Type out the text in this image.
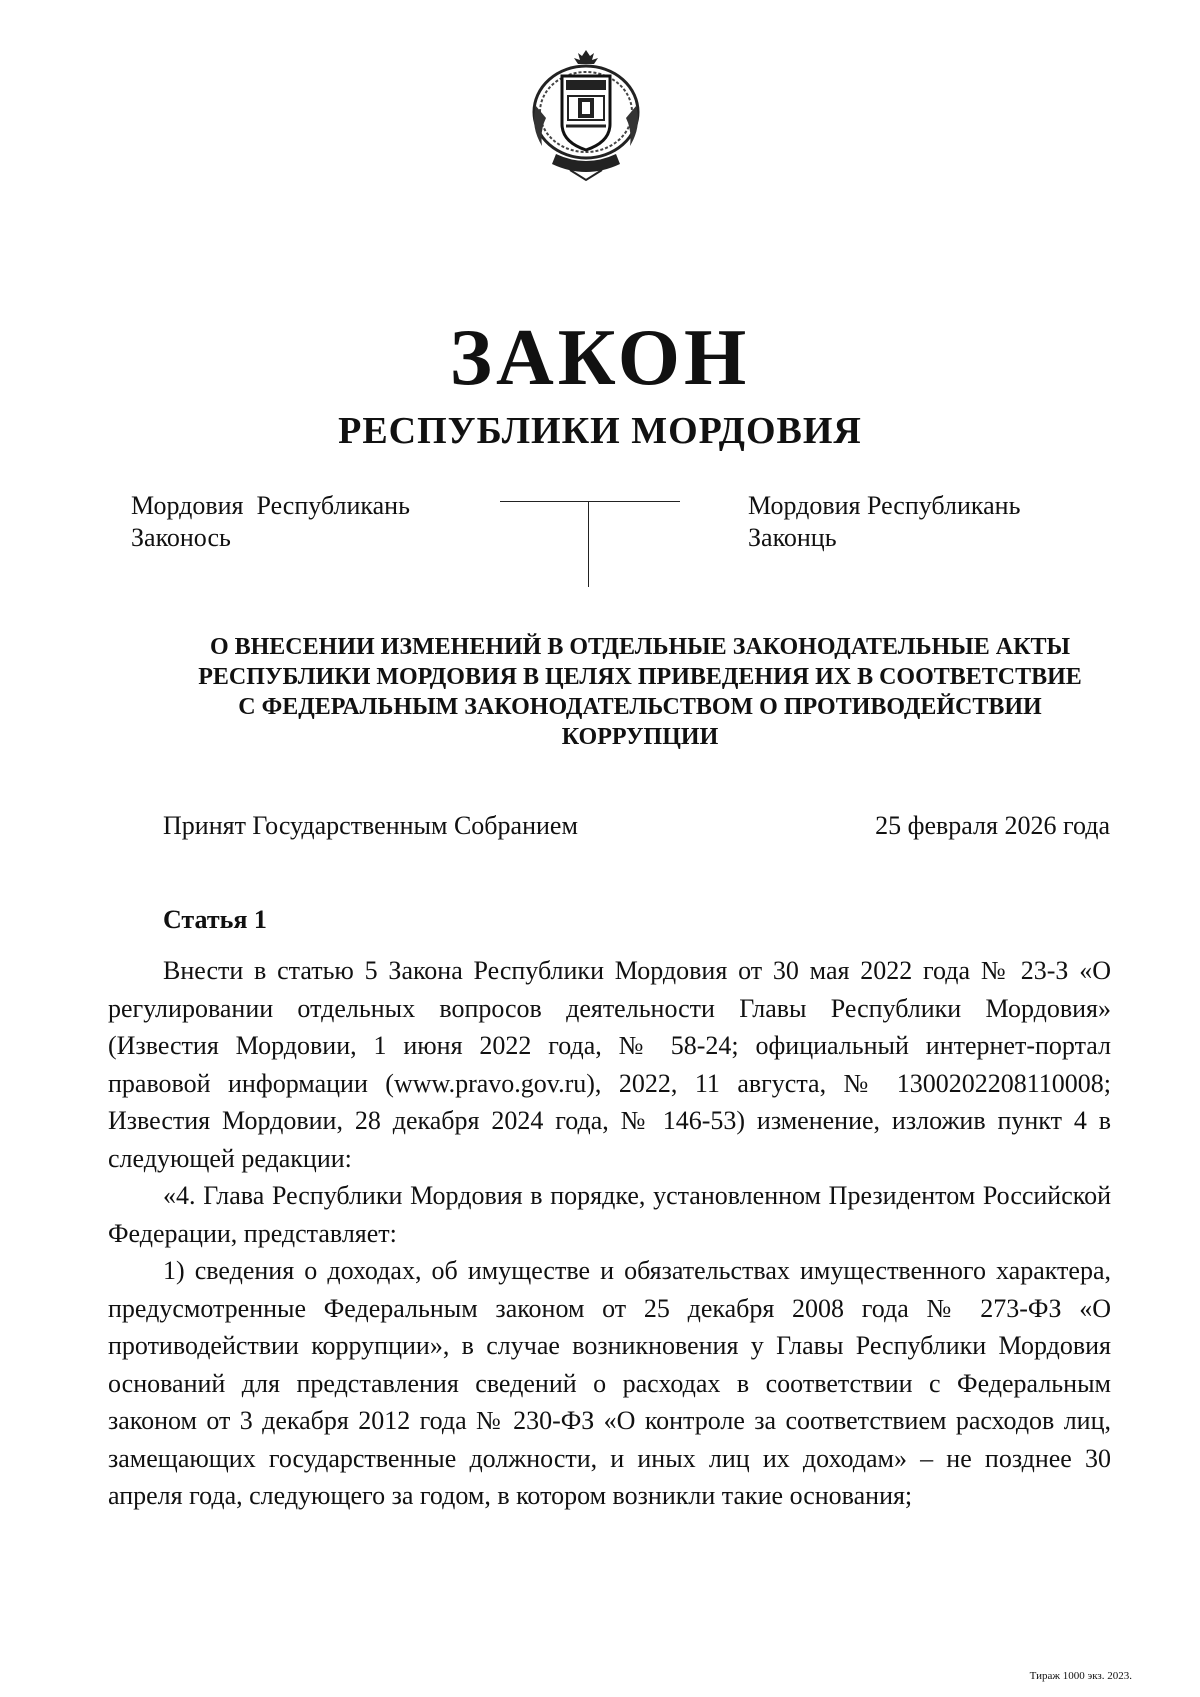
ЗАКОН
РЕСПУБЛИКИ МОРДОВИЯ
Мордовия  Республикань
Законось
Мордовия Республикань
Законць
О ВНЕСЕНИИ ИЗМЕНЕНИЙ В ОТДЕЛЬНЫЕ ЗАКОНОДАТЕЛЬНЫЕ АКТЫ
РЕСПУБЛИКИ МОРДОВИЯ В ЦЕЛЯХ ПРИВЕДЕНИЯ ИХ В СООТВЕТСТВИЕ
С ФЕДЕРАЛЬНЫМ ЗАКОНОДАТЕЛЬСТВОМ О ПРОТИВОДЕЙСТВИИ
КОРРУПЦИИ
Принят Государственным Собранием	25 февраля 2026 года
Статья 1

Внести в статью 5 Закона Республики Мордовия от 30 мая 2022 года № 23-З «О регулировании отдельных вопросов деятельности Главы Республики Мордовия» (Известия Мордовии, 1 июня 2022 года, № 58-24; официальный интернет-портал правовой информации (www.pravo.gov.ru), 2022, 11 августа, № 1300202208110008; Известия Мордовии, 28 декабря 2024 года, № 146-53) изменение, изложив пункт 4 в следующей редакции:

«4. Глава Республики Мордовия в порядке, установленном Президентом Российской Федерации, представляет:

1) сведения о доходах, об имуществе и обязательствах имущественного характера, предусмотренные Федеральным законом от 25 декабря 2008 года № 273-ФЗ «О противодействии коррупции», в случае возникновения у Главы Республики Мордовия оснований для представления сведений о расходах в соответствии с Федеральным законом от 3 декабря 2012 года № 230-ФЗ «О контроле за соответствием расходов лиц, замещающих государственные должности, и иных лиц их доходам» – не позднее 30 апреля года, следующего за годом, в котором возникли такие основания;

Тираж 1000 экз. 2023.
